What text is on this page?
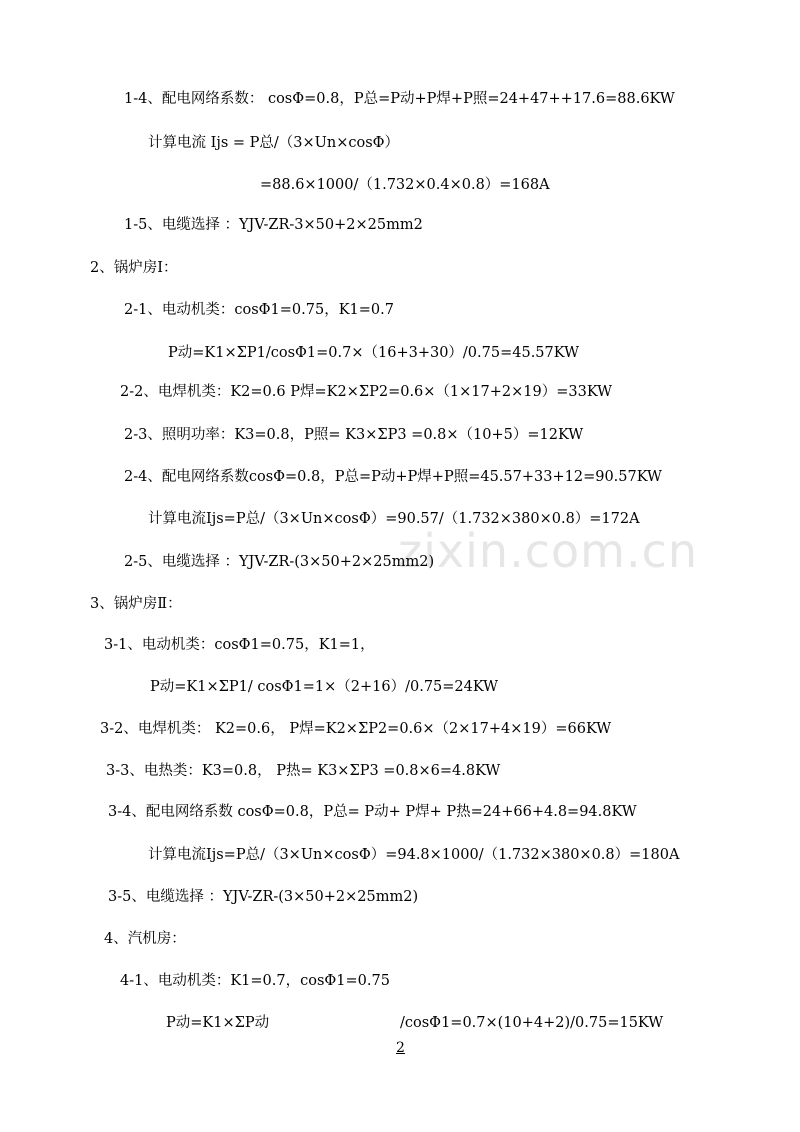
zixin.com.cn
1-4、配电网络系数： cosΦ=0.8，P总=P动+P焊+P照=24+47++17.6=88.6KW
计算电流 Ijs = P总/（3×Un×cosΦ）
=88.6×1000/（1.732×0.4×0.8）=168A
1-5、电缆选择 ：YJV-ZR-3×50+2×25mm2
2、锅炉房Ⅰ：
2-1、电动机类：cosΦ1=0.75，K1=0.7
P动=K1×ΣP1/cosΦ1=0.7×（16+3+30）/0.75=45.57KW
2-2、电焊机类：K2=0.6 P焊=K2×ΣP2=0.6×（1×17+2×19）=33KW
2-3、照明功率：K3=0.8，P照= K3×ΣP3 =0.8×（10+5）=12KW
2-4、配电网络系数cosΦ=0.8，P总=P动+P焊+P照=45.57+33+12=90.57KW
计算电流Ijs=P总/（3×Un×cosΦ）=90.57/（1.732×380×0.8）=172A
2-5、电缆选择 ：YJV-ZR-(3×50+2×25mm2)
3、锅炉房Ⅱ：
3-1、电动机类：cosΦ1=0.75，K1=1，
P动=K1×ΣP1/ cosΦ1=1×（2+16）/0.75=24KW
3-2、电焊机类： K2=0.6， P焊=K2×ΣP2=0.6×（2×17+4×19）=66KW
3-3、电热类：K3=0.8， P热= K3×ΣP3 =0.8×6=4.8KW
3-4、配电网络系数 cosΦ=0.8，P总= P动+ P焊+ P热=24+66+4.8=94.8KW
计算电流Ijs=P总/（3×Un×cosΦ）=94.8×1000/（1.732×380×0.8）=180A
3-5、电缆选择 ：YJV-ZR-(3×50+2×25mm2)
4、汽机房：
4-1、电动机类：K1=0.7，cosΦ1=0.75
P动=K1×ΣP动	/cosΦ1=0.7×(10+4+2)/0.75=15KW
2
